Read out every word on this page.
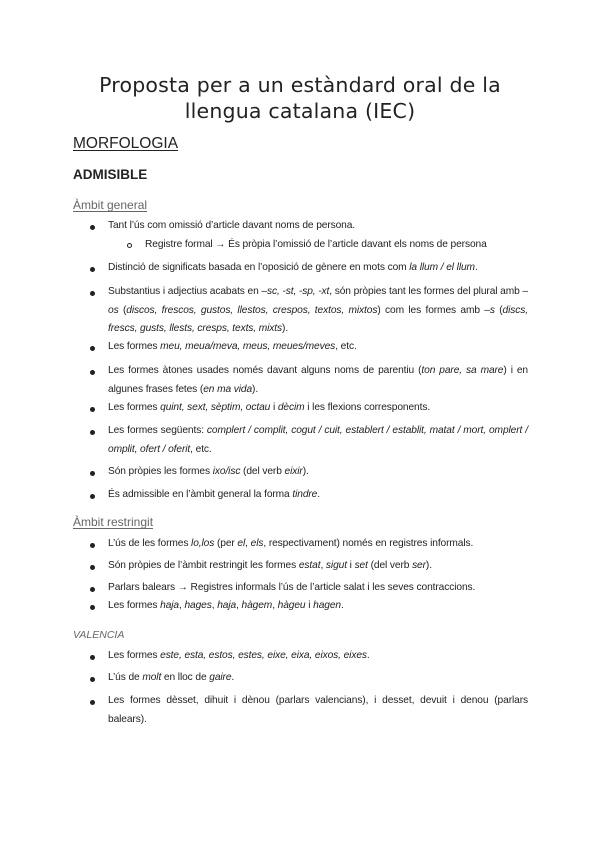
Proposta per a un estàndard oral de la llengua catalana (IEC)
MORFOLOGIA
ADMISIBLE
Àmbit general
Tant l’ús com omissió d’article davant noms de persona.
Registre formal → És pròpia l’omissió de l’article davant els noms de persona
Distinció de significats basada en l’oposició de gènere en mots com la llum / el llum.
Substantius i adjectius acabats en –sc, -st, -sp, -xt, són pròpies tant les formes del plural amb –os (discos, frescos, gustos, llestos, crespos, textos, mixtos) com les formes amb –s (discs, frescs, gusts, llests, cresps, texts, mixts).
Les formes meu, meua/meva, meus, meues/meves, etc.
Les formes àtones usades només davant alguns noms de parentiu (ton pare, sa mare) i en algunes frases fetes (en ma vida).
Les formes quint, sext, sèptim, octau i dècim i les flexions corresponents.
Les formes següents: complert / complit, cogut / cuit, establert / establit, matat / mort, omplert / omplit, ofert / oferit, etc.
Són pròpies les formes ixo/isc (del verb eixir).
És admissible en l’àmbit general la forma tindre.
Àmbit restringit
L’ús de les formes lo,los (per el, els, respectivament) només en registres informals.
Són pròpies de l’àmbit restringit les formes estat, sigut i set (del verb ser).
Parlars balears → Registres informals l’ús de l’article salat i les seves contraccions.
Les formes haja, hages, haja, hàgem, hàgeu i hagen.
VALENCIA
Les formes este, esta, estos, estes, eixe, eixa, eixos, eixes.
L’ús de molt en lloc de gaire.
Les formes dèsset, dihuit i dènou (parlars valencians), i desset, devuit i denou (parlars balears).
